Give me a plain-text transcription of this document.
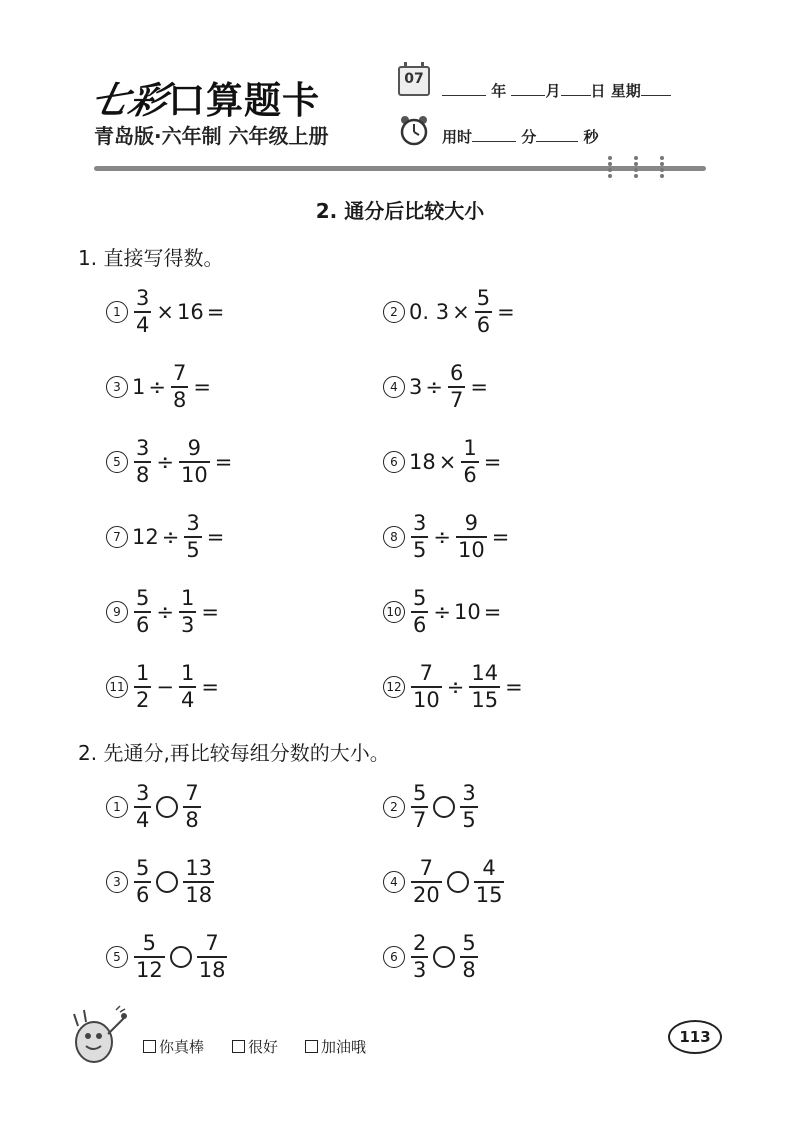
七彩口算题卡
青岛版·六年制 六年级上册
07
年	月 日 星期
用时	分	秒
2. 通分后比较大小
1. 直接写得数。
$1 \frac{3}{4} \times 16$ =	2 0. $3 \times \frac{5}{6}$ =
3 $1 \div \frac{7}{8}$ =	4 $3 \div \frac{6}{7}$ =
$5 \frac{3}{8} \div \frac{9}{10}$ =	6 $18 \times \frac{1}{6}$ =
7 $12 \div \frac{3}{5}$ =	$8 \frac{3}{5} \div \frac{9}{10}$ =
$9 \frac{5}{6} \div \frac{1}{3}$ =	$10 \frac{5}{6} \div 10$ =
$11 \frac{1}{2} - \frac{1}{4}$ =	$12 \frac{7}{10} \div \frac{14}{15}$ =
2. 先通分,再比较每组分数的大小。
$1 \frac{3}{4} \frac{7}{8}$	$2 \frac{5}{7} \frac{3}{5}$
$3 \frac{5}{6} \frac{13}{18}$	$4 \frac{7}{20} \frac{4}{15}$
$5 \frac{5}{12} \frac{7}{18}$	$6 \frac{2}{3} \frac{5}{8}$
你真棒	很好	加油哦
113
